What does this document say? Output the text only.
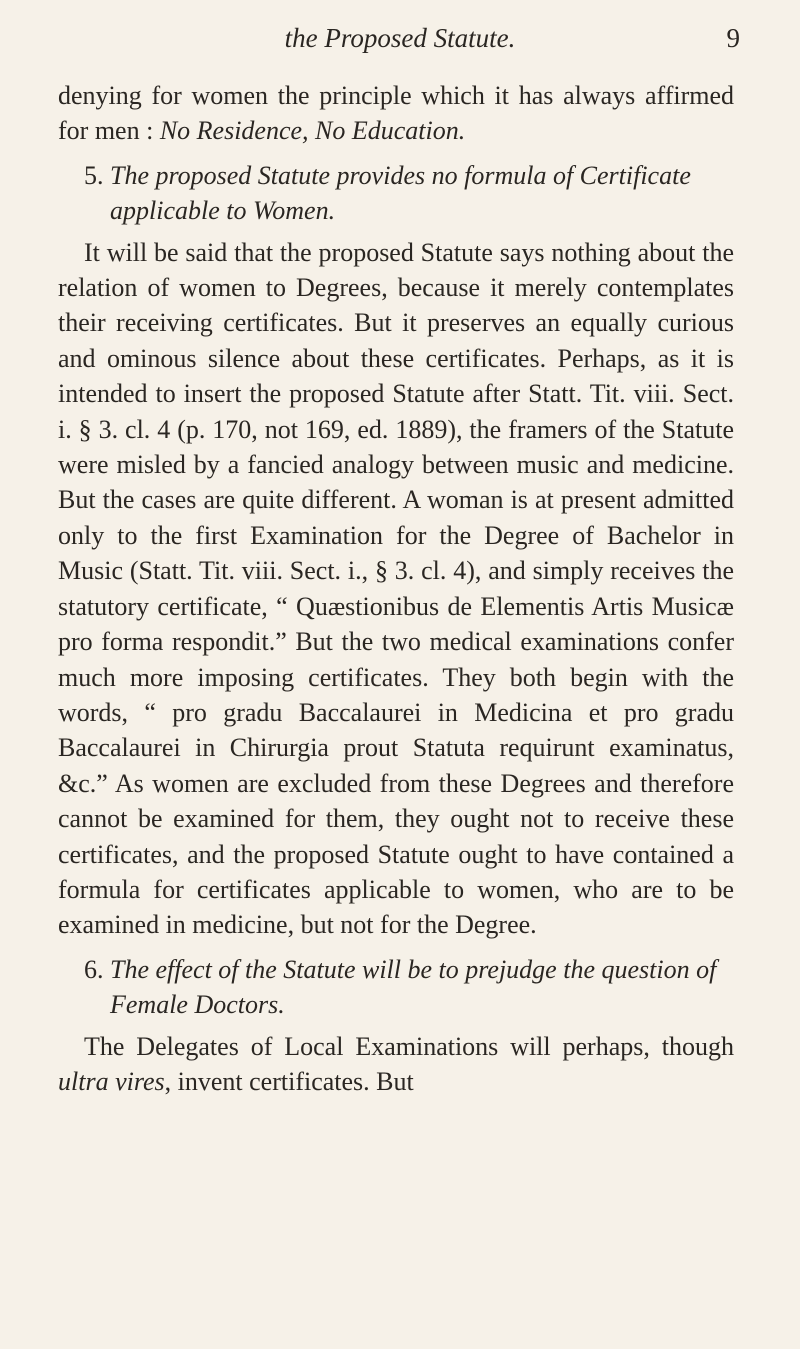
the Proposed Statute.	9

denying for women the principle which it has always affirmed for men : No Residence, No Education.

5. The proposed Statute provides no formula of Certificate applicable to Women.

It will be said that the proposed Statute says nothing about the relation of women to Degrees, because it merely contemplates their receiving certificates. But it preserves an equally curious and ominous silence about these certificates. Perhaps, as it is intended to insert the proposed Statute after Statt. Tit. viii. Sect. i. § 3. cl. 4 (p. 170, not 169, ed. 1889), the framers of the Statute were misled by a fancied analogy between music and medicine. But the cases are quite different. A woman is at present admitted only to the first Examination for the Degree of Bachelor in Music (Statt. Tit. viii. Sect. i., § 3. cl. 4), and simply receives the statutory certificate, “ Quæstionibus de Elementis Artis Musicæ pro forma respondit.” But the two medical examinations confer much more imposing certificates. They both begin with the words, “ pro gradu Baccalaurei in Medicina et pro gradu Baccalaurei in Chirurgia prout Statuta requirunt examinatus, &c.” As women are excluded from these Degrees and therefore cannot be examined for them, they ought not to receive these certificates, and the proposed Statute ought to have contained a formula for certificates applicable to women, who are to be examined in medicine, but not for the Degree.

6. The effect of the Statute will be to prejudge the question of Female Doctors.

The Delegates of Local Examinations will perhaps, though ultra vires, invent certificates. But
